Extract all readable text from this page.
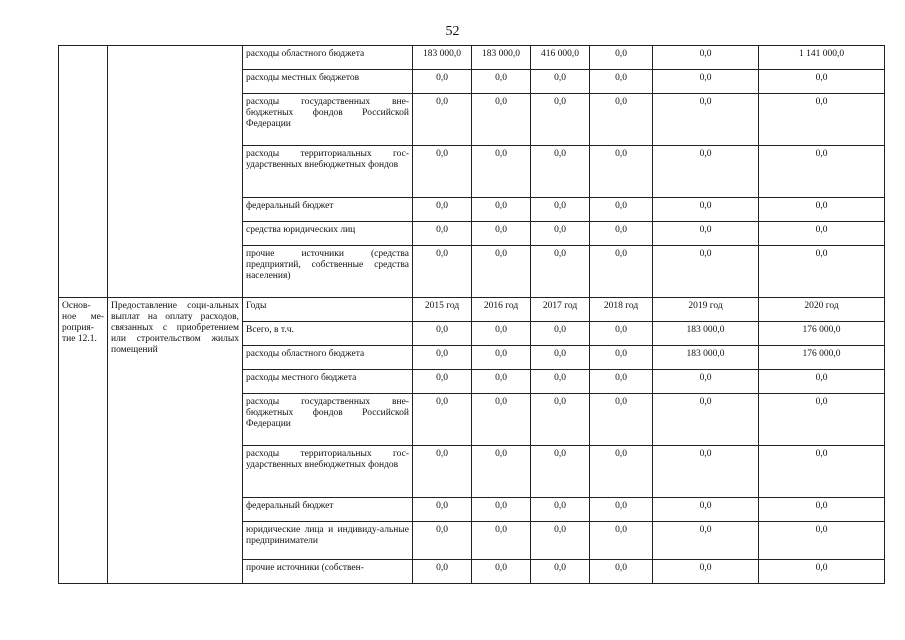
52
		расходы областного бюджета	183 000,0	183 000,0	416 000,0	0,0	0,0	1 141 000,0
		расходы местных бюджетов	0,0	0,0	0,0	0,0	0,0	0,0
		расходы государственных вне-бюджетных фондов Российской Федерации	0,0	0,0	0,0	0,0	0,0	0,0
		расходы территориальных гос-ударственных внебюджетных фондов	0,0	0,0	0,0	0,0	0,0	0,0
		федеральный бюджет	0,0	0,0	0,0	0,0	0,0	0,0
		средства юридических лиц	0,0	0,0	0,0	0,0	0,0	0,0
		прочие источники (средства предприятий, собственные средства населения)	0,0	0,0	0,0	0,0	0,0	0,0
Основ-ное ме-роприя-тие 12.1.	Предоставление соци-альных выплат на оплату расходов, связанных с приобретением или строительством жилых помещений	Годы	2015 год	2016 год	2017 год	2018 год	2019 год	2020 год
		Всего, в т.ч.	0,0	0,0	0,0	0,0	183 000,0	176 000,0
		расходы областного бюджета	0,0	0,0	0,0	0,0	183 000,0	176 000,0
		расходы местного бюджета	0,0	0,0	0,0	0,0	0,0	0,0
		расходы государственных вне-бюджетных фондов Российской Федерации	0,0	0,0	0,0	0,0	0,0	0,0
		расходы территориальных гос-ударственных внебюджетных фондов	0,0	0,0	0,0	0,0	0,0	0,0
		федеральный бюджет	0,0	0,0	0,0	0,0	0,0	0,0
		юридические лица и индивиду-альные предприниматели	0,0	0,0	0,0	0,0	0,0	0,0
		прочие источники (собствен-	0,0	0,0	0,0	0,0	0,0	0,0
